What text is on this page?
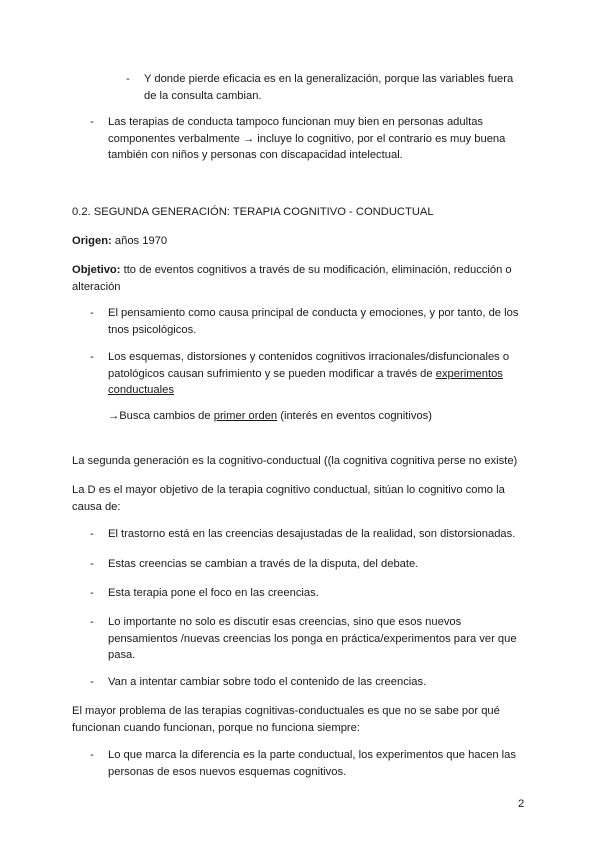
- Y donde pierde eficacia es en la generalización, porque las variables fuera de la consulta cambian.
- Las terapias de conducta tampoco funcionan muy bien en personas adultas componentes verbalmente → incluye lo cognitivo, por el contrario es muy buena también con niños y personas con discapacidad intelectual.

0.2. SEGUNDA GENERACIÓN: TERAPIA COGNITIVO - CONDUCTUAL

Origen: años 1970

Objetivo: tto de eventos cognitivos a través de su modificación, eliminación, reducción o alteración

- El pensamiento como causa principal de conducta y emociones, y por tanto, de los tnos psicológicos.
- Los esquemas, distorsiones y contenidos cognitivos irracionales/disfuncionales o patológicos causan sufrimiento y se pueden modificar a través de experimentos conductuales

→Busca cambios de primer orden (interés en eventos cognitivos)

La segunda generación es la cognitivo-conductual ((la cognitiva cognitiva perse no existe)

La D es el mayor objetivo de la terapia cognitivo conductual, sitúan lo cognitivo como la causa de:

- El trastorno está en las creencias desajustadas de la realidad, son distorsionadas.
- Estas creencias se cambian a través de la disputa, del debate.
- Esta terapia pone el foco en las creencias.
- Lo importante no solo es discutir esas creencias, sino que esos nuevos pensamientos /nuevas creencias los ponga en práctica/experimentos para ver que pasa.
- Van a intentar cambiar sobre todo el contenido de las creencias.

El mayor problema de las terapias cognitivas-conductuales es que no se sabe por qué funcionan cuando funcionan, porque no funciona siempre:

- Lo que marca la diferencia es la parte conductual, los experimentos que hacen las personas de esos nuevos esquemas cognitivos.
2
